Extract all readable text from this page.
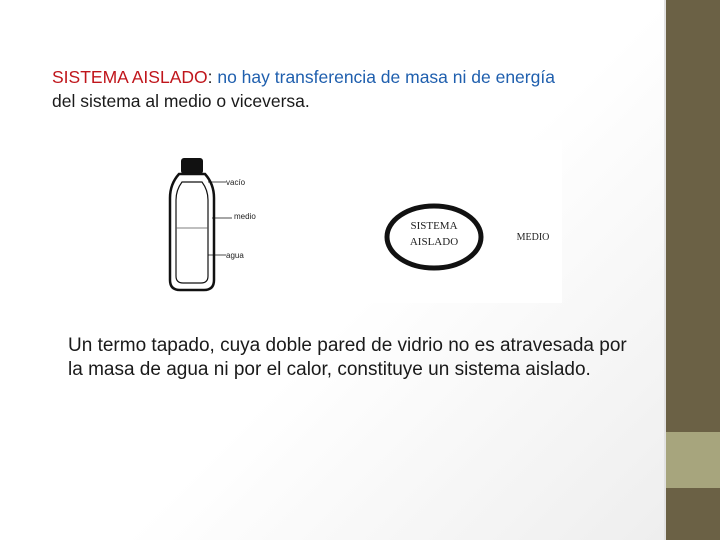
SISTEMA AISLADO: no hay transferencia de masa ni de energía
del sistema al medio o viceversa.
vacío
medio
agua
SISTEMA
AISLADO	MEDIO
Un termo tapado, cuya doble pared de vidrio no es atravesada por la masa de agua ni por el calor, constituye un sistema aislado.
